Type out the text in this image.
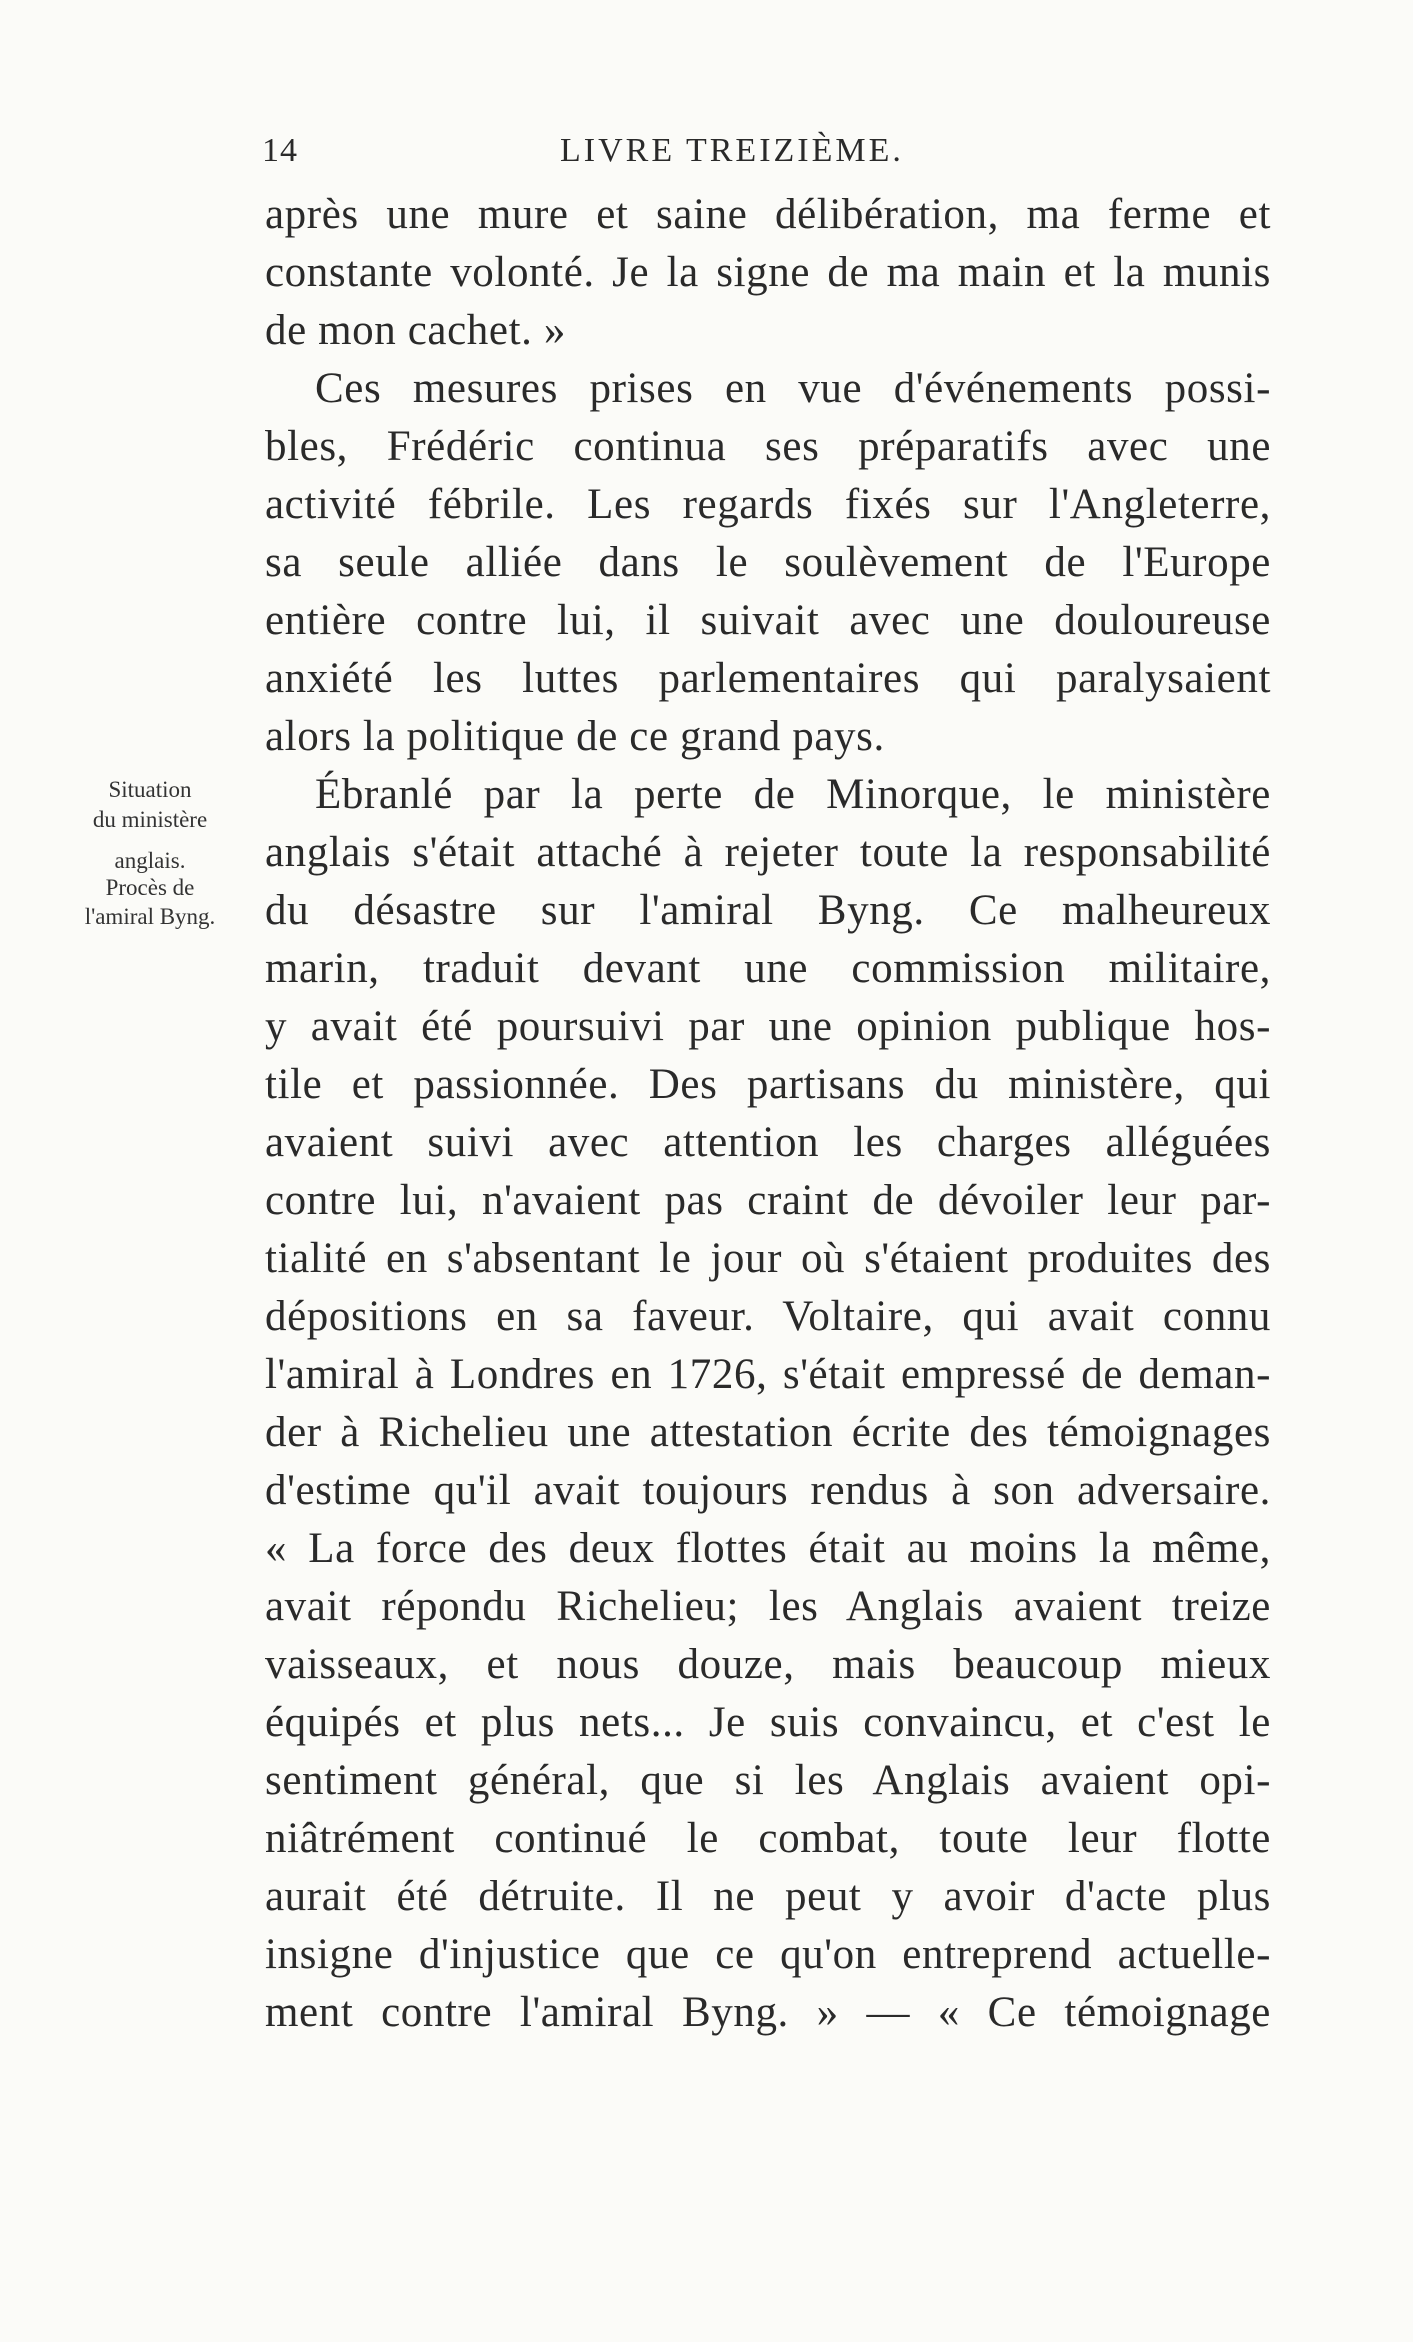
14	LIVRE TREIZIÈME.
Situation
du ministère
anglais.
Procès de
l'amiral Byng.
après une mure et saine délibération, ma ferme et
constante volonté. Je la signe de ma main et la munis
de mon cachet. »
Ces mesures prises en vue d'événements possi-
bles, Frédéric continua ses préparatifs avec une
activité fébrile. Les regards fixés sur l'Angleterre,
sa seule alliée dans le soulèvement de l'Europe
entière contre lui, il suivait avec une douloureuse
anxiété les luttes parlementaires qui paralysaient
alors la politique de ce grand pays.
Ébranlé par la perte de Minorque, le ministère
anglais s'était attaché à rejeter toute la responsabilité
du désastre sur l'amiral Byng. Ce malheureux
marin, traduit devant une commission militaire,
y avait été poursuivi par une opinion publique hos-
tile et passionnée. Des partisans du ministère, qui
avaient suivi avec attention les charges alléguées
contre lui, n'avaient pas craint de dévoiler leur par-
tialité en s'absentant le jour où s'étaient produites des
dépositions en sa faveur. Voltaire, qui avait connu
l'amiral à Londres en 1726, s'était empressé de deman-
der à Richelieu une attestation écrite des témoignages
d'estime qu'il avait toujours rendus à son adversaire.
« La force des deux flottes était au moins la même,
avait répondu Richelieu; les Anglais avaient treize
vaisseaux, et nous douze, mais beaucoup mieux
équipés et plus nets... Je suis convaincu, et c'est le
sentiment général, que si les Anglais avaient opi-
niâtrément continué le combat, toute leur flotte
aurait été détruite. Il ne peut y avoir d'acte plus
insigne d'injustice que ce qu'on entreprend actuelle-
ment contre l'amiral Byng. » — « Ce témoignage
